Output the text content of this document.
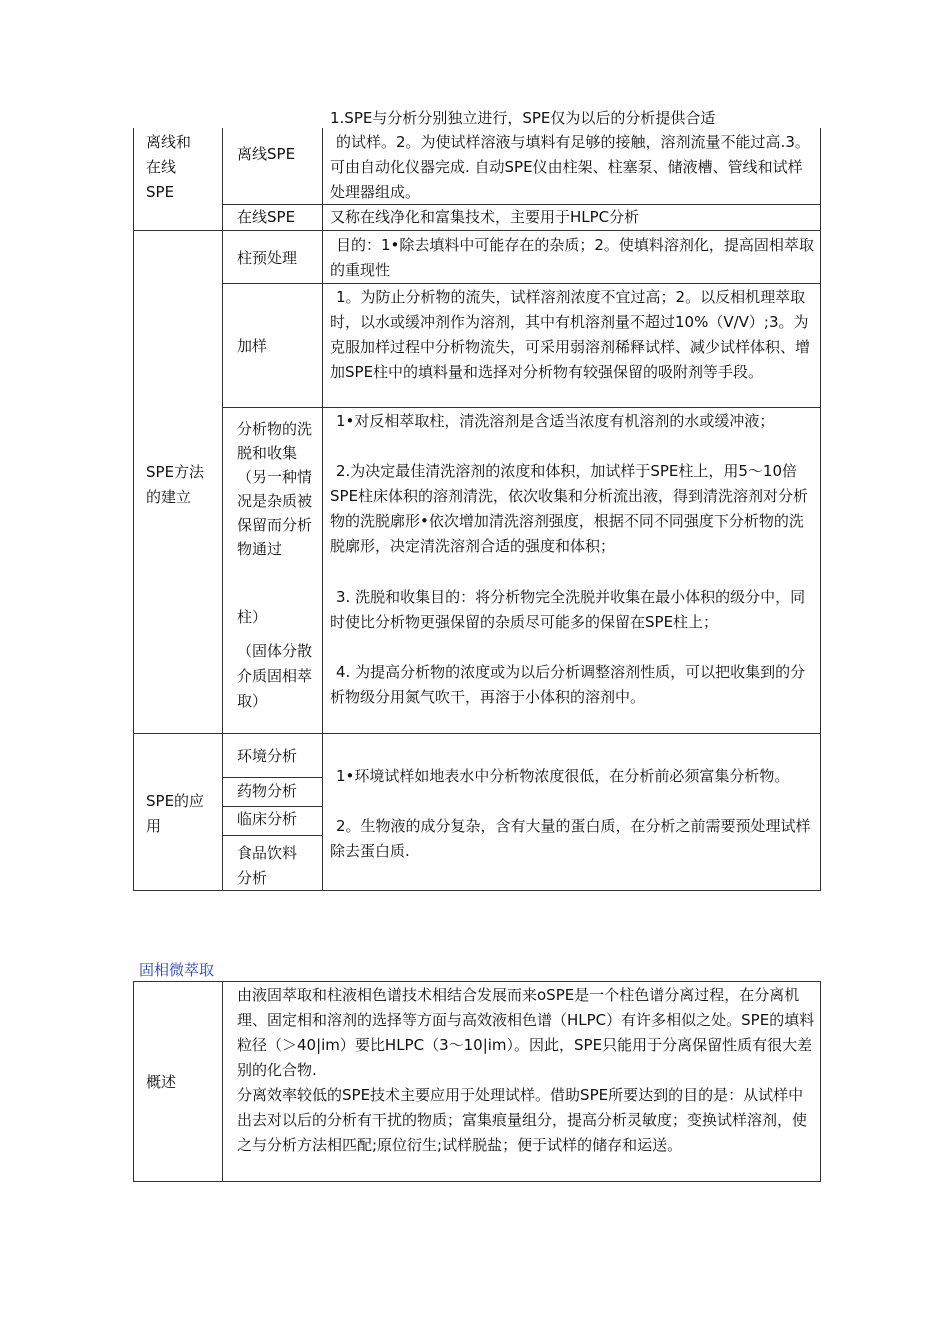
1.SPE与分析分别独立进行，SPE仅为以后的分析提供合适
离线和
在线
SPE
离线SPE
的试样。2。为使试样溶液与填料有足够的接触，溶剂流量不能过高.3。可由自动化仪器完成. 自动SPE仪由柱架、柱塞泵、储液槽、管线和试样处理器组成。
在线SPE	又称在线净化和富集技术，主要用于HLPC分析
SPE方法
的建立
柱预处理
目的：1•除去填料中可能存在的杂质；2。使填料溶剂化，提高固相萃取的重现性
加样
1。为防止分析物的流失，试样溶剂浓度不宜过高；2。以反相机理萃取时，以水或缓冲剂作为溶剂，其中有机溶剂量不超过10%（V/V）;3。为克服加样过程中分析物流失，可采用弱溶剂稀释试样、减少试样体积、增加SPE柱中的填料量和选择对分析物有较强保留的吸附剂等手段。
分析物的洗脱和收集（另一种情况是杂质被保留而分析物通过
柱）
（固体分散介质固相萃取）
1•对反相萃取柱，清洗溶剂是含适当浓度有机溶剂的水或缓冲液；
2.为决定最佳清洗溶剂的浓度和体积，加试样于SPE柱上，用5〜10倍SPE柱床体积的溶剂清洗，依次收集和分析流出液，得到清洗溶剂对分析物的洗脱廓形•依次增加清洗溶剂强度，根据不同不同强度下分析物的洗脱廓形，决定清洗溶剂合适的强度和体积；
3. 洗脱和收集目的：将分析物完全洗脱并收集在最小体积的级分中，同时使比分析物更强保留的杂质尽可能多的保留在SPE柱上；
4. 为提高分析物的浓度或为以后分析调整溶剂性质，可以把收集到的分析物级分用氮气吹干，再溶于小体积的溶剂中。
SPE的应
用
环境分析
药物分析
临床分析
食品饮料分析
1•环境试样如地表水中分析物浓度很低，在分析前必须富集分析物。
2。生物液的成分复杂，含有大量的蛋白质，在分析之前需要预处理试样除去蛋白质.
固相微萃取
概述
由液固萃取和柱液相色谱技术相结合发展而来oSPE是一个柱色谱分离过程，在分离机理、固定相和溶剂的选择等方面与高效液相色谱（HLPC）有许多相似之处。SPE的填料粒径（＞40|im）要比HLPC（3〜10|im）。因此，SPE只能用于分离保留性质有很大差别的化合物.
分离效率较低的SPE技术主要应用于处理试样。借助SPE所要达到的目的是：从试样中出去对以后的分析有干扰的物质；富集痕量组分，提高分析灵敏度；变换试样溶剂，使之与分析方法相匹配;原位衍生;试样脱盐；便于试样的储存和运送。
